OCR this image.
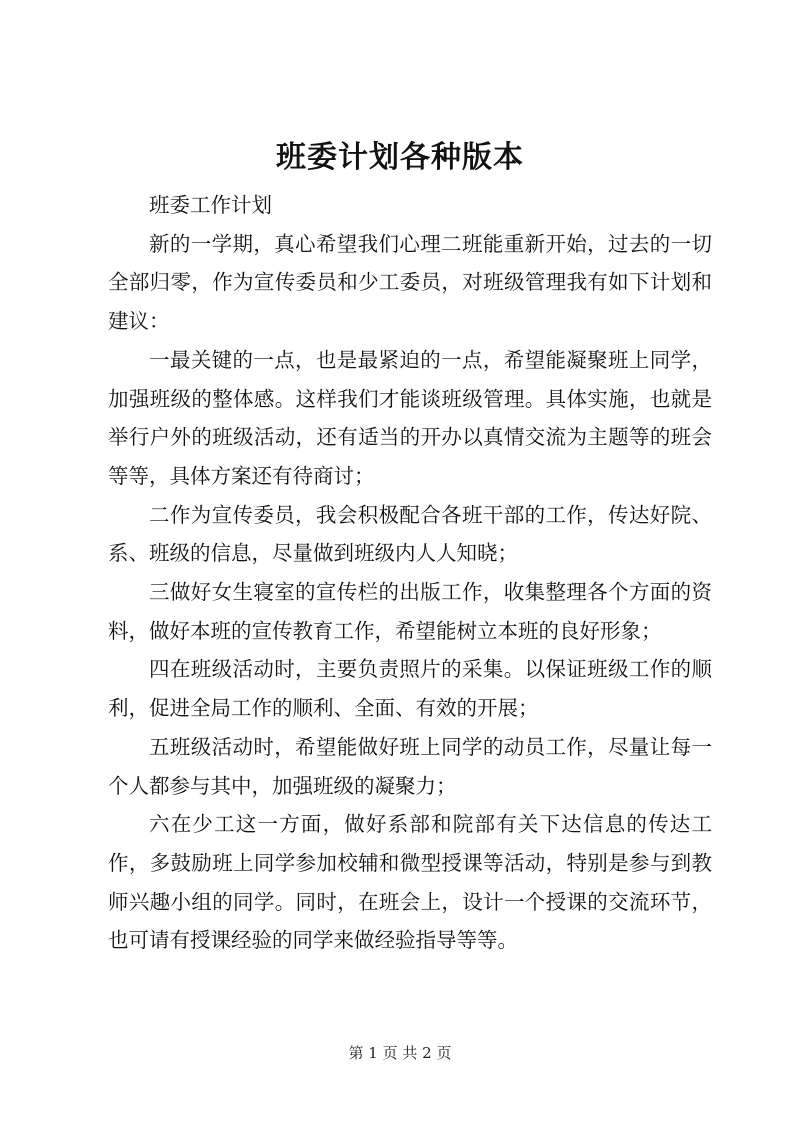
班委计划各种版本

班委工作计划

新的一学期，真心希望我们心理二班能重新开始，过去的一切全部归零，作为宣传委员和少工委员，对班级管理我有如下计划和建议：

一最关键的一点，也是最紧迫的一点，希望能凝聚班上同学，加强班级的整体感。这样我们才能谈班级管理。具体实施，也就是举行户外的班级活动，还有适当的开办以真情交流为主题等的班会等等，具体方案还有待商讨；

二作为宣传委员，我会积极配合各班干部的工作，传达好院、系、班级的信息，尽量做到班级内人人知晓；

三做好女生寝室的宣传栏的出版工作，收集整理各个方面的资料，做好本班的宣传教育工作，希望能树立本班的良好形象；

四在班级活动时，主要负责照片的采集。以保证班级工作的顺利，促进全局工作的顺利、全面、有效的开展；

五班级活动时，希望能做好班上同学的动员工作，尽量让每一个人都参与其中，加强班级的凝聚力；

六在少工这一方面，做好系部和院部有关下达信息的传达工作，多鼓励班上同学参加校辅和微型授课等活动，特别是参与到教师兴趣小组的同学。同时，在班会上，设计一个授课的交流环节，也可请有授课经验的同学来做经验指导等等。

第 1 页 共 2 页
